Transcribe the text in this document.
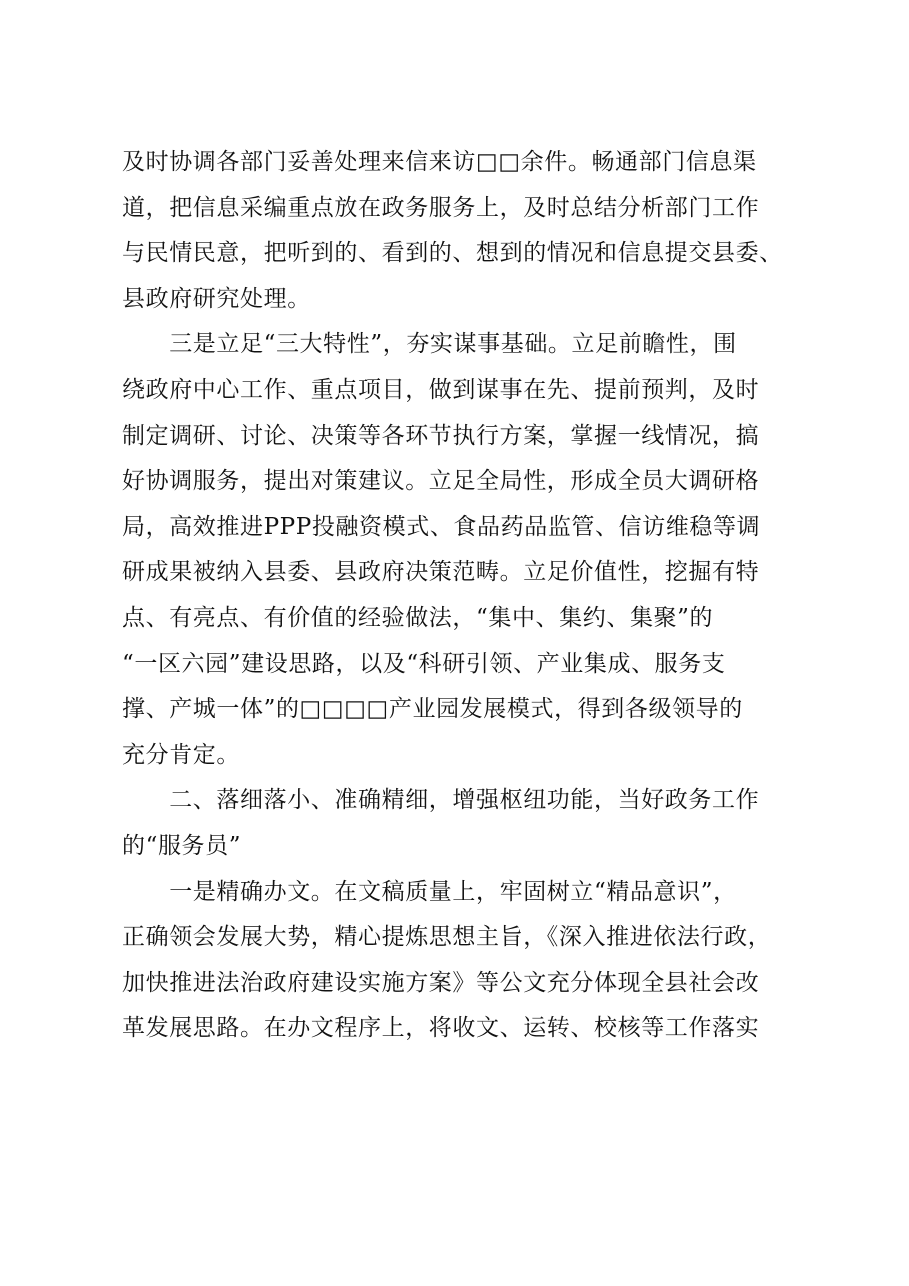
及时协调各部门妥善处理来信来访□□余件。畅通部门信息渠
道，把信息采编重点放在政务服务上，及时总结分析部门工作
与民情民意，把听到的、看到的、想到的情况和信息提交县委、
县政府研究处理。
　　三是立足“三大特性”，夯实谋事基础。立足前瞻性，围
绕政府中心工作、重点项目，做到谋事在先、提前预判，及时
制定调研、讨论、决策等各环节执行方案，掌握一线情况，搞
好协调服务，提出对策建议。立足全局性，形成全员大调研格
局，高效推进PPP投融资模式、食品药品监管、信访维稳等调
研成果被纳入县委、县政府决策范畴。立足价值性，挖掘有特
点、有亮点、有价值的经验做法，“集中、集约、集聚”的
“一区六园”建设思路，以及“科研引领、产业集成、服务支
撑、产城一体”的□□□□产业园发展模式，得到各级领导的
充分肯定。
　　二、落细落小、准确精细，增强枢纽功能，当好政务工作
的“服务员”
　　一是精确办文。在文稿质量上，牢固树立“精品意识”，
正确领会发展大势，精心提炼思想主旨，《深入推进依法行政，
加快推进法治政府建设实施方案》等公文充分体现全县社会改
革发展思路。在办文程序上，将收文、运转、校核等工作落实
